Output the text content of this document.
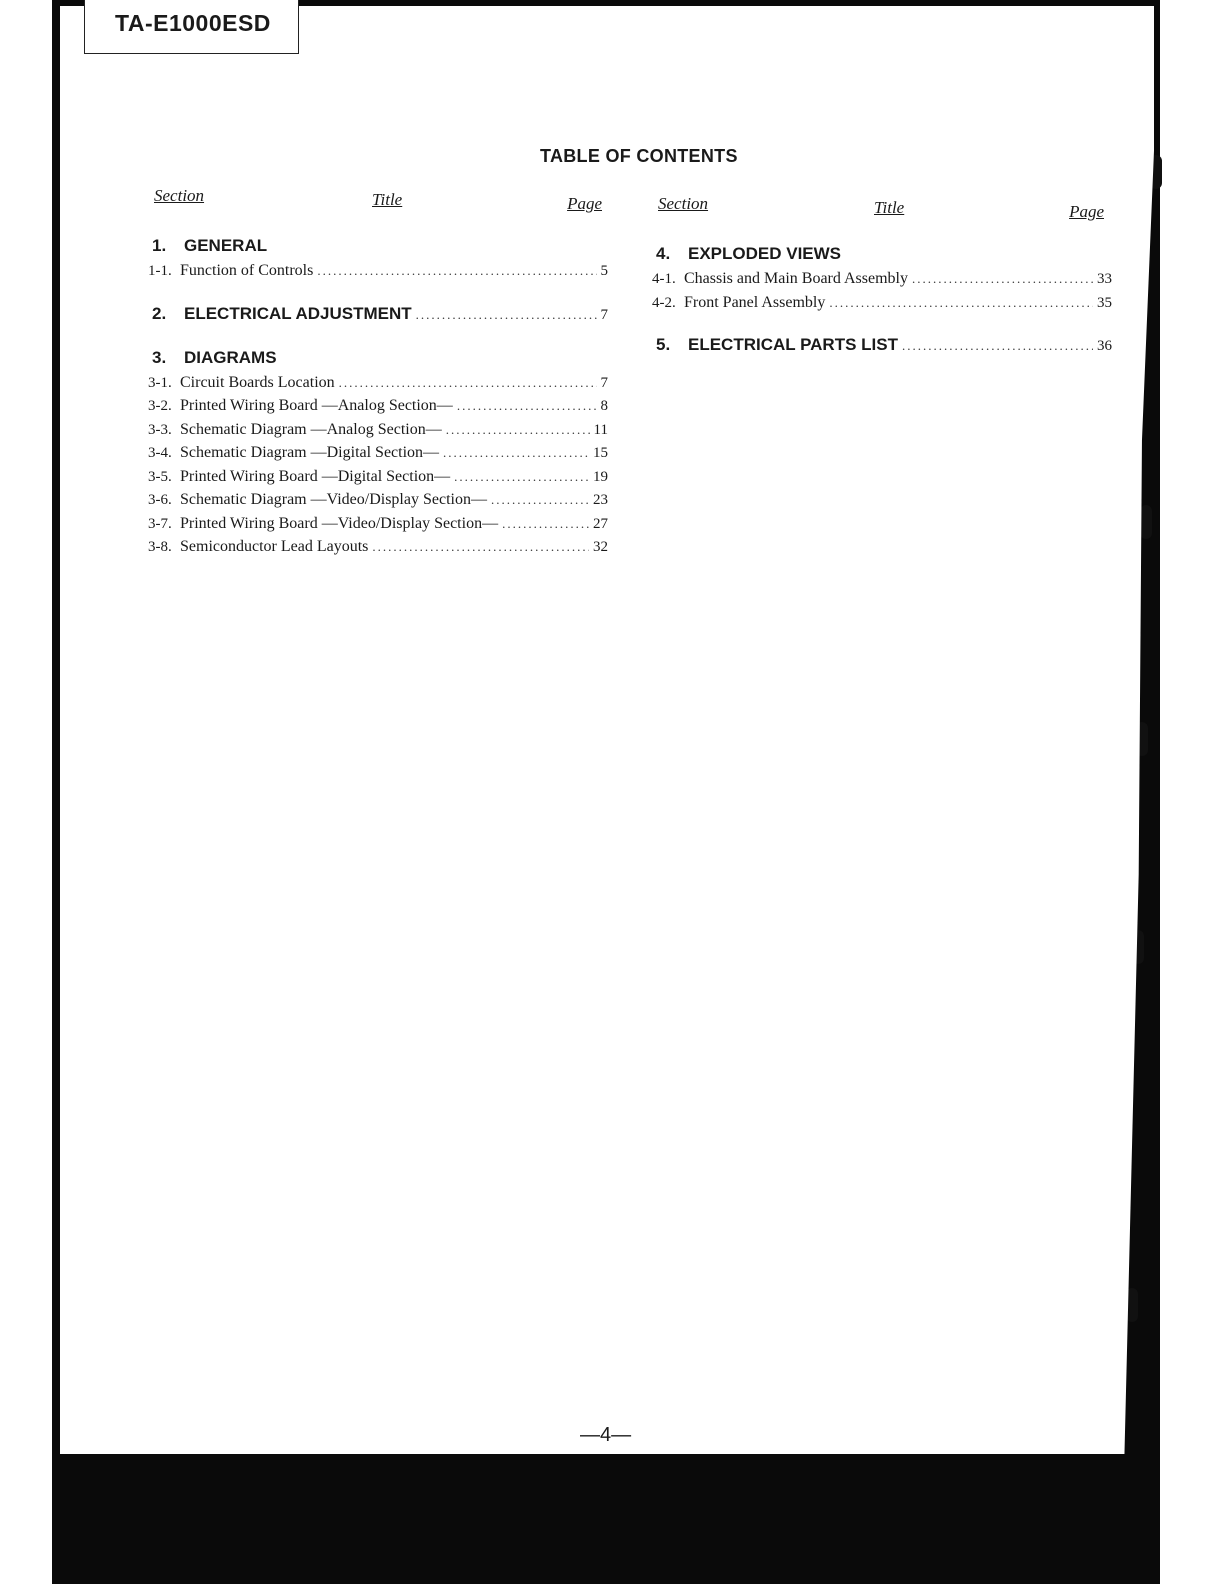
TA-E1000ESD
TABLE OF CONTENTS
Section	Title	Page
1.	GENERAL
1-1. Function of Controls .....	5
2.	ELECTRICAL ADJUSTMENT .....	7
3.	DIAGRAMS
3-1. Circuit Boards Location .....	7
3-2. Printed Wiring Board —Analog Section— .....	8
3-3. Schematic Diagram —Analog Section— .....	11
3-4. Schematic Diagram —Digital Section— .....	15
3-5. Printed Wiring Board —Digital Section— .....	19
3-6. Schematic Diagram —Video/Display Section— .....	23
3-7. Printed Wiring Board —Video/Display Section— .....	27
3-8. Semiconductor Lead Layouts .....	32
Section	Title	Page
4.	EXPLODED VIEWS
4-1. Chassis and Main Board Assembly .....	33
4-2. Front Panel Assembly .....	35
5.	ELECTRICAL PARTS LIST .....	36
—4—
